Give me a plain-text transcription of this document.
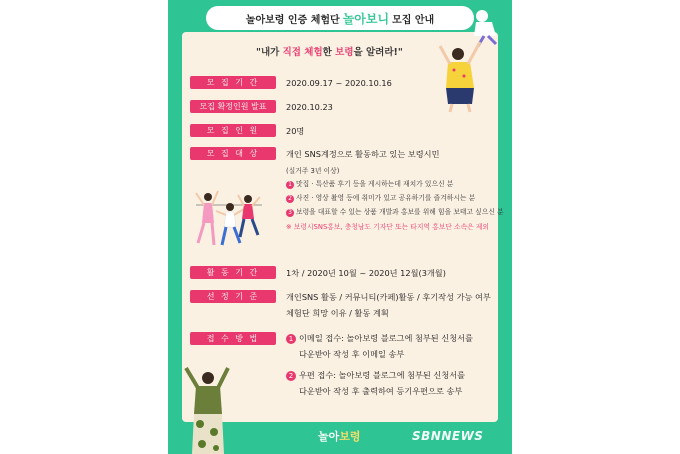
놀아보령 인증 체험단 놀아보니 모집 안내
"내가 직접 체험한 보령을 알려라!"
모 집 기 간	2020.09.17 ~ 2020.10.16
모집 확정인원 발표	2020.10.23
모 집 인 원	20명
모 집 대 상	개인 SNS계정으로 활동하고 있는 보령시민
(실거주 3년 이상)
1 맛집 · 특산품 후기 등을 게시하는데 재치가 있으신 분
2 사진 · 영상 촬영 등에 취미가 있고 공유하기를 즐겨하시는 분
3 보령을 대표할 수 있는 상품 개발과 홍보를 위해 힘을 보태고 싶으신 분
※ 보령시SNS홍보, 충청남도 기자단 또는 타지역 홍보단 소속은 제외
활 동 기 간	1차 / 2020년 10월 ~ 2020년 12월(3개월)
선 정 기 준	개인SNS 활동 / 커뮤니티(카페)활동 / 후기작성 가능 여부
체험단 희망 이유 / 활동 계획
접 수 방 법	1 이메일 접수: 놀아보령 블로그에 첨부된 신청서를
다운받아 작성 후 이메일 송부
2 우편 접수: 놀아보령 블로그에 첨부된 신청서를
다운받아 작성 후 출력하여 등기우편으로 송부
놀아보령	SBNNEWS
